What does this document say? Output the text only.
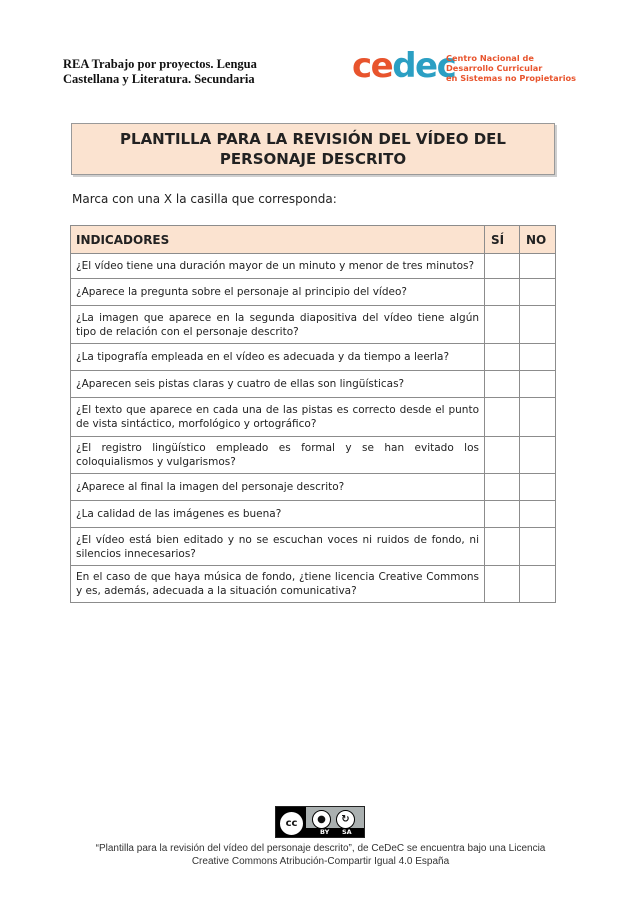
REA Trabajo por proyectos. Lengua
Castellana y Literatura. Secundaria	cedec
Centro Nacional de
Desarrollo Curricular
en Sistemas no Propietarios
PLANTILLA PARA LA REVISIÓN DEL VÍDEO DEL PERSONAJE DESCRITO
Marca con una X la casilla que corresponda:
INDICADORES	SÍ	NO
¿El vídeo tiene una duración mayor de un minuto y menor de tres minutos?		
¿Aparece la pregunta sobre el personaje al principio del vídeo?		
¿La imagen que aparece en la segunda diapositiva del vídeo tiene algún tipo de relación con el personaje descrito?		
¿La tipografía empleada en el vídeo es adecuada y da tiempo a leerla?		
¿Aparecen seis pistas claras y cuatro de ellas son lingüísticas?		
¿El texto que aparece en cada una de las pistas es correcto desde el punto de vista sintáctico, morfológico y ortográfico?		
¿El registro lingüístico empleado es formal y se han evitado los coloquialismos y vulgarismos?		
¿Aparece al final la imagen del personaje descrito?		
¿La calidad de las imágenes es buena?		
¿El vídeo está bien editado y no se escuchan voces ni ruidos de fondo, ni silencios innecesarios?		
En el caso de que haya música de fondo, ¿tiene licencia Creative Commons y es, además, adecuada a la situación comunicativa?		
cc	●	↻
BY SA
“Plantilla para la revisión del vídeo del personaje descrito”, de CeDeC se encuentra bajo una Licencia Creative Commons Atribución-Compartir Igual 4.0 España
